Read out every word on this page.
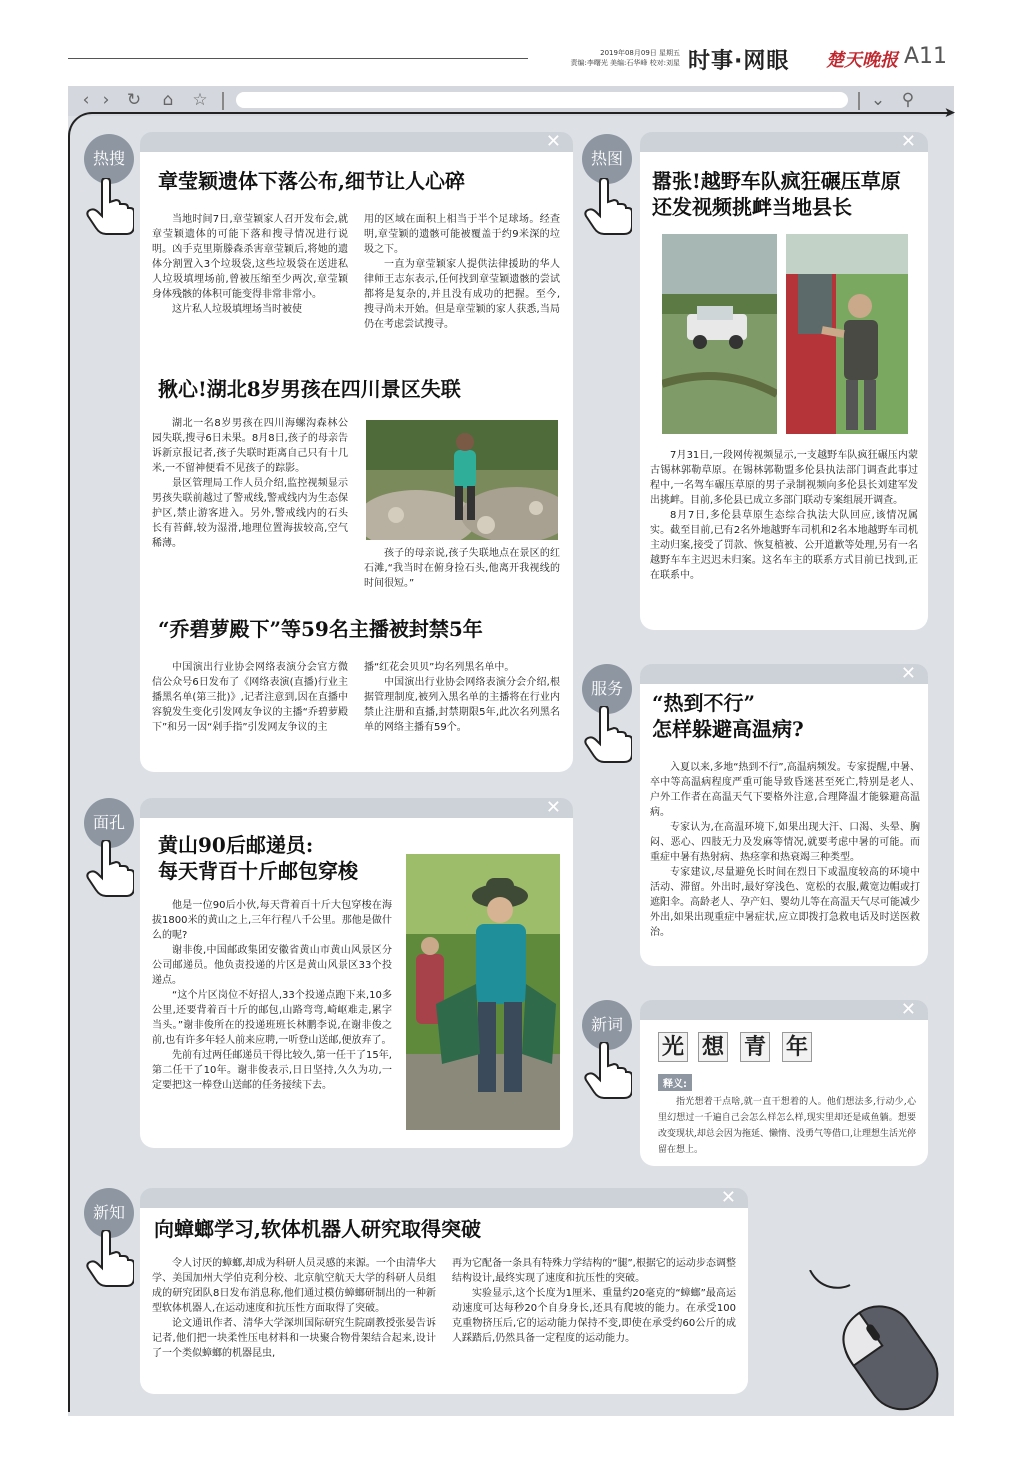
2019年08月09日 星期五
责编:李曙光 美编:石华峰 校对:刘星 时事·网眼 楚天晚报 A11
‹ ›	↻ ⌂ ☆	⌄ ⚲
➤
热搜
✕
章莹颖遗体下落公布,细节让人心碎

当地时间7日,章莹颖家人召开发布会,就章莹颖遗体的可能下落和搜寻情况进行说明。凶手克里斯滕森杀害章莹颖后,将她的遗体分割置入3个垃圾袋,这些垃圾袋在送进私人垃圾填埋场前,曾被压缩至少两次,章莹颖身体残骸的体积可能变得非常非常小。

这片私人垃圾填埋场当时被使

用的区域在面积上相当于半个足球场。经查明,章莹颖的遗骸可能被覆盖于约9米深的垃圾之下。

一直为章莹颖家人提供法律援助的华人律师王志东表示,任何找到章莹颖遗骸的尝试都将是复杂的,并且没有成功的把握。至今,搜寻尚未开始。但是章莹颖的家人获悉,当局仍在考虑尝试搜寻。

揪心!湖北8岁男孩在四川景区失联

湖北一名8岁男孩在四川海螺沟森林公园失联,搜寻6日未果。8月8日,孩子的母亲告诉新京报记者,孩子失联时距离自己只有十几米,一不留神便看不见孩子的踪影。

景区管理局工作人员介绍,监控视频显示男孩失联前越过了警戒线,警戒线内为生态保护区,禁止游客进入。另外,警戒线内的石头长有苔藓,较为湿滑,地理位置海拔较高,空气稀薄。

孩子的母亲说,孩子失联地点在景区的红石滩,“我当时在俯身捡石头,他离开我视线的时间很短。”

“乔碧萝殿下”等59名主播被封禁5年

中国演出行业协会网络表演分会官方微信公众号6日发布了《网络表演(直播)行业主播黑名单(第三批)》,记者注意到,因在直播中容貌发生变化引发网友争议的主播“乔碧萝殿下”和另一因“剁手指”引发网友争议的主

播“红花会贝贝”均名列黑名单中。

中国演出行业协会网络表演分会介绍,根据管理制度,被列入黑名单的主播将在行业内禁止注册和直播,封禁期限5年,此次名列黑名单的网络主播有59个。

热图
✕
嚣张!越野车队疯狂碾压草原
还发视频挑衅当地县长

7月31日,一段网传视频显示,一支越野车队疯狂碾压内蒙古锡林郭勒草原。在锡林郭勒盟多伦县执法部门调查此事过程中,一名驾车碾压草原的男子录制视频向多伦县长刘建军发出挑衅。目前,多伦县已成立多部门联动专案组展开调查。

8月7日,多伦县草原生态综合执法大队回应,该情况属实。截至目前,已有2名外地越野车司机和2名本地越野车司机主动归案,接受了罚款、恢复植被、公开道歉等处理,另有一名越野车车主迟迟未归案。这名车主的联系方式目前已找到,正在联系中。

服务
✕
“热到不行”
怎样躲避高温病?

入夏以来,多地“热到不行”,高温病频发。专家提醒,中暑、卒中等高温病程度严重可能导致昏迷甚至死亡,特别是老人、户外工作者在高温天气下要格外注意,合理降温才能躲避高温病。

专家认为,在高温环境下,如果出现大汗、口渴、头晕、胸闷、恶心、四肢无力及发麻等情况,就要考虑中暑的可能。而重症中暑有热射病、热痉挛和热衰竭三种类型。

专家建议,尽量避免长时间在烈日下或温度较高的环境中活动、滞留。外出时,最好穿浅色、宽松的衣服,戴宽边帽或打遮阳伞。高龄老人、孕产妇、婴幼儿等在高温天气尽可能减少外出,如果出现重症中暑症状,应立即拨打急救电话及时送医救治。

面孔
✕
黄山90后邮递员:
每天背百十斤邮包穿梭

他是一位90后小伙,每天背着百十斤大包穿梭在海拔1800米的黄山之上,三年行程八千公里。那他是做什么的呢?

谢非俊,中国邮政集团安徽省黄山市黄山风景区分公司邮递员。他负责投递的片区是黄山风景区33个投递点。

“这个片区岗位不好招人,33个投递点跑下来,10多公里,还要背着百十斤的邮包,山路弯弯,崎岖难走,累字当头。”谢非俊所在的投递班班长林鹏李说,在谢非俊之前,也有许多年轻人前来应聘,一听登山送邮,便放弃了。

先前有过两任邮递员干得比较久,第一任干了15年,第二任干了10年。谢非俊表示,日日坚持,久久为功,一定要把这一棒登山送邮的任务接续下去。

新词
✕
光 想 青 年
释义:
指光想着干点啥,就一直干想着的人。他们想法多,行动少,心里幻想过一千遍自己会怎么样怎么样,现实里却还是咸鱼躺。想要改变现状,却总会因为拖延、懒惰、没勇气等借口,让理想生活光停留在想上。
新知
✕
向蟑螂学习,软体机器人研究取得突破

令人讨厌的蟑螂,却成为科研人员灵感的来源。一个由清华大学、美国加州大学伯克利分校、北京航空航天大学的科研人员组成的研究团队8日发布消息称,他们通过模仿蟑螂研制出的一种新型软体机器人,在运动速度和抗压性方面取得了突破。

论文通讯作者、清华大学深圳国际研究生院副教授张晏告诉记者,他们把一块柔性压电材料和一块聚合物骨架结合起来,设计了一个类似蟑螂的机器昆虫,

再为它配备一条具有特殊力学结构的“腿”,根据它的运动步态调整结构设计,最终实现了速度和抗压性的突破。

实验显示,这个长度为1厘米、重量约20毫克的“蟑螂”最高运动速度可达每秒20个自身身长,还具有爬坡的能力。在承受100克重物挤压后,它的运动能力保持不变,即使在承受约60公斤的成人踩踏后,仍然具备一定程度的运动能力。
